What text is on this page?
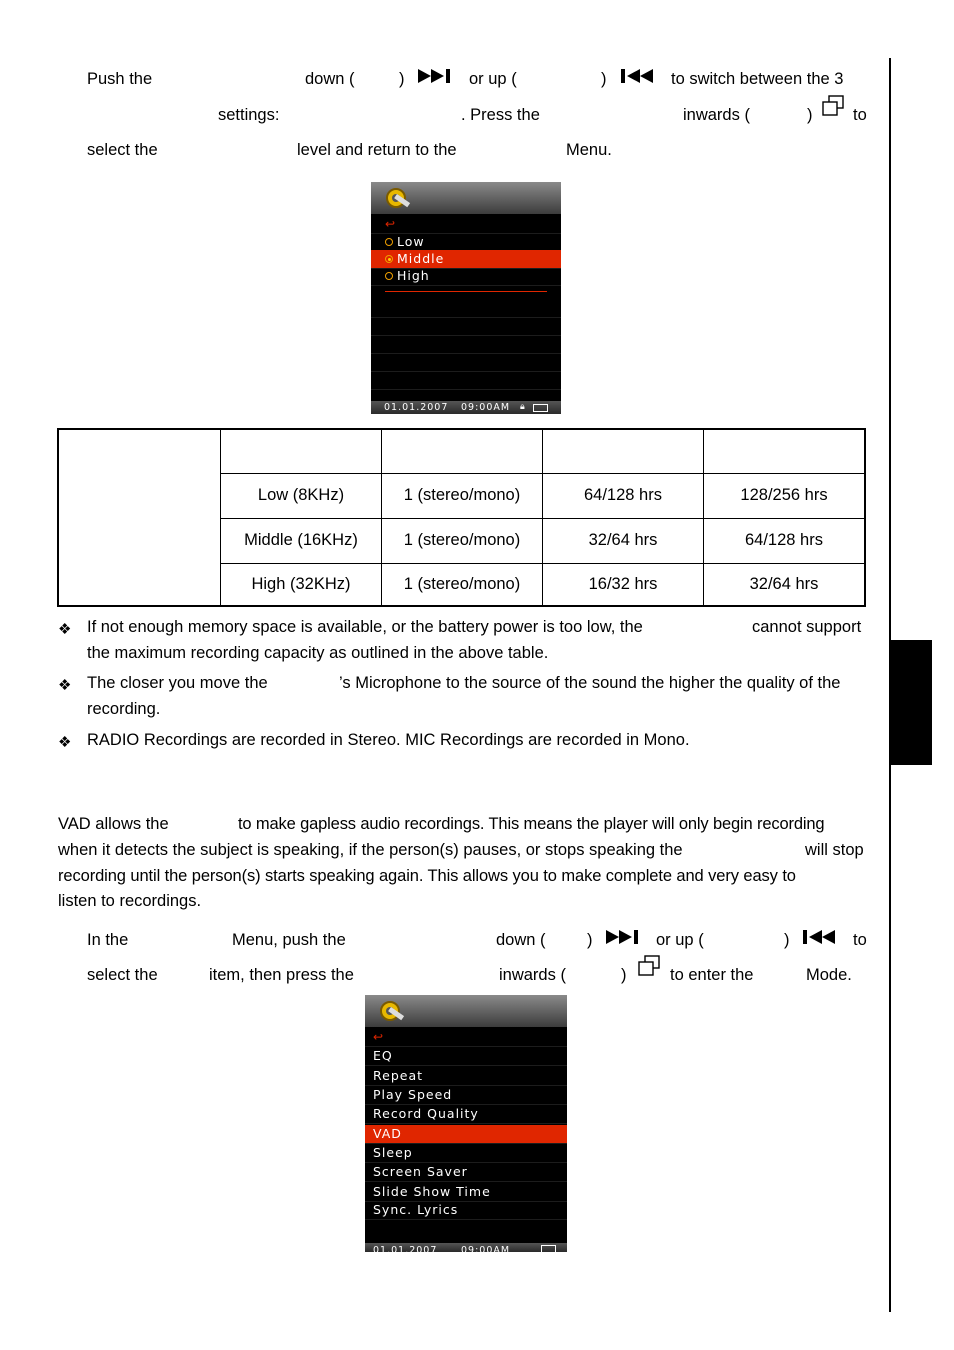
Push the	down (	)	or up (	)	to switch between the 3
settings:	. Press the	inwards (	) to
select the	level and return to the	Menu.
↩
Low
Middle
High
01.01.2007 09:00AM 🔒︎

	Low (8KHz)	1 (stereo/mono)	64/128 hrs	128/256 hrs
	Middle (16KHz)	1 (stereo/mono)	32/64 hrs	64/128 hrs
	High (32KHz)	1 (stereo/mono)	16/32 hrs	32/64 hrs
❖ If not enough memory space is available, or the battery power is too low, the	cannot support
the maximum recording capacity as outlined in the above table.
❖ The closer you move the	’s Microphone to the source of the sound the higher the quality of the
recording.
❖ RADIO Recordings are recorded in Stereo. MIC Recordings are recorded in Mono.
VAD allows the	to make gapless audio recordings. This means the player will only begin recording
when it detects the subject is speaking, if the person(s) pauses, or stops speaking the	will stop
recording until the person(s) starts speaking again. This allows you to make complete and very easy to
listen to recordings.
In the	Menu, push the	down (	)	or up (	)	to
select the	item, then press the	inwards (	)	to enter the	Mode.
↩
EQ
Repeat
Play Speed
Record Quality
VAD
Sleep
Screen Saver
Slide Show Time
Sync. Lyrics
01.01.2007 09:00AM
